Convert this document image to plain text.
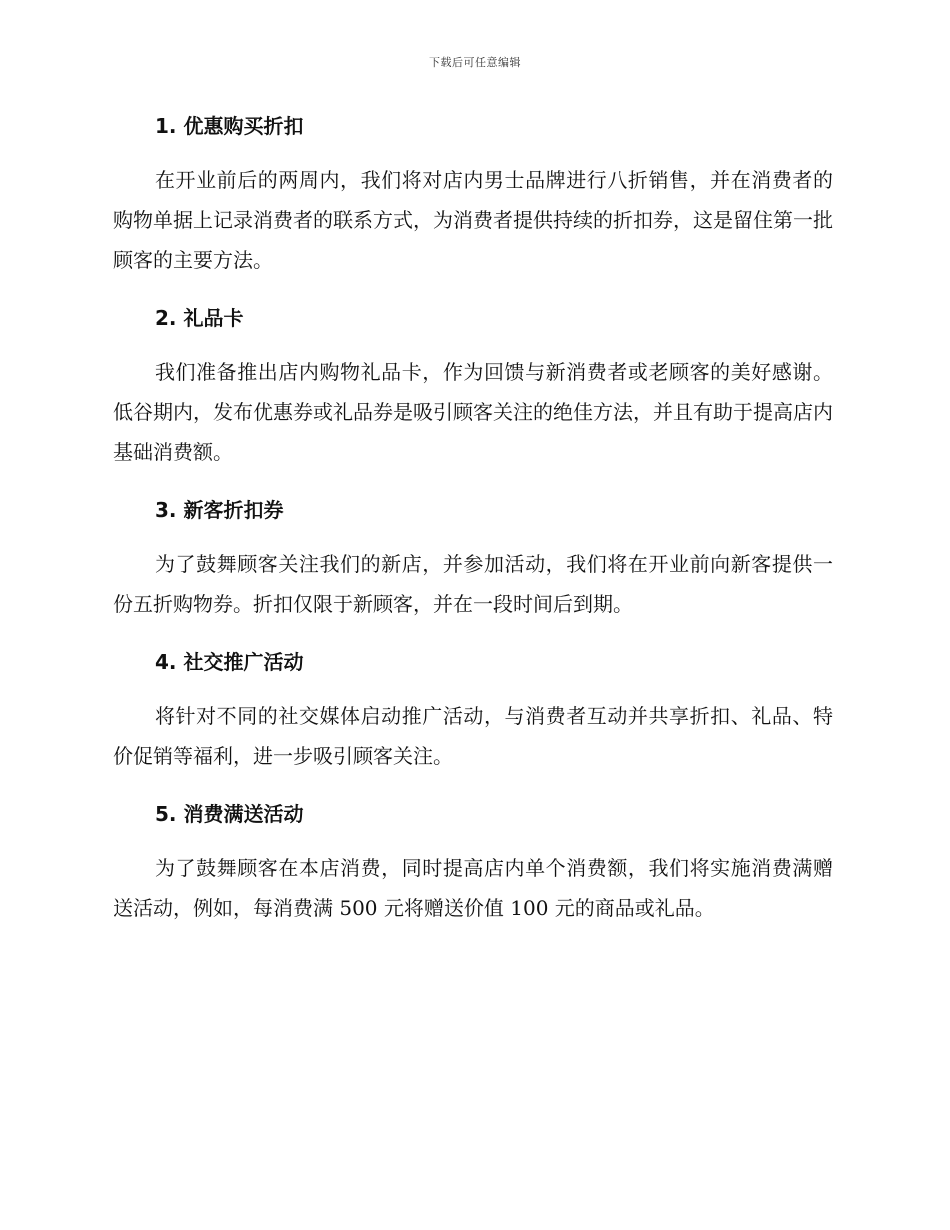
下载后可任意编辑
1. 优惠购买折扣

在开业前后的两周内，我们将对店内男士品牌进行八折销售，并在消费者的购物单据上记录消费者的联系方式，为消费者提供持续的折扣券，这是留住第一批顾客的主要方法。

2. 礼品卡

我们准备推出店内购物礼品卡，作为回馈与新消费者或老顾客的美好感谢。低谷期内，发布优惠券或礼品券是吸引顾客关注的绝佳方法，并且有助于提高店内基础消费额。

3. 新客折扣券

为了鼓舞顾客关注我们的新店，并参加活动，我们将在开业前向新客提供一份五折购物券。折扣仅限于新顾客，并在一段时间后到期。

4. 社交推广活动

将针对不同的社交媒体启动推广活动，与消费者互动并共享折扣、礼品、特价促销等福利，进一步吸引顾客关注。

5. 消费满送活动

为了鼓舞顾客在本店消费，同时提高店内单个消费额，我们将实施消费满赠送活动，例如，每消费满 500 元将赠送价值 100 元的商品或礼品。
